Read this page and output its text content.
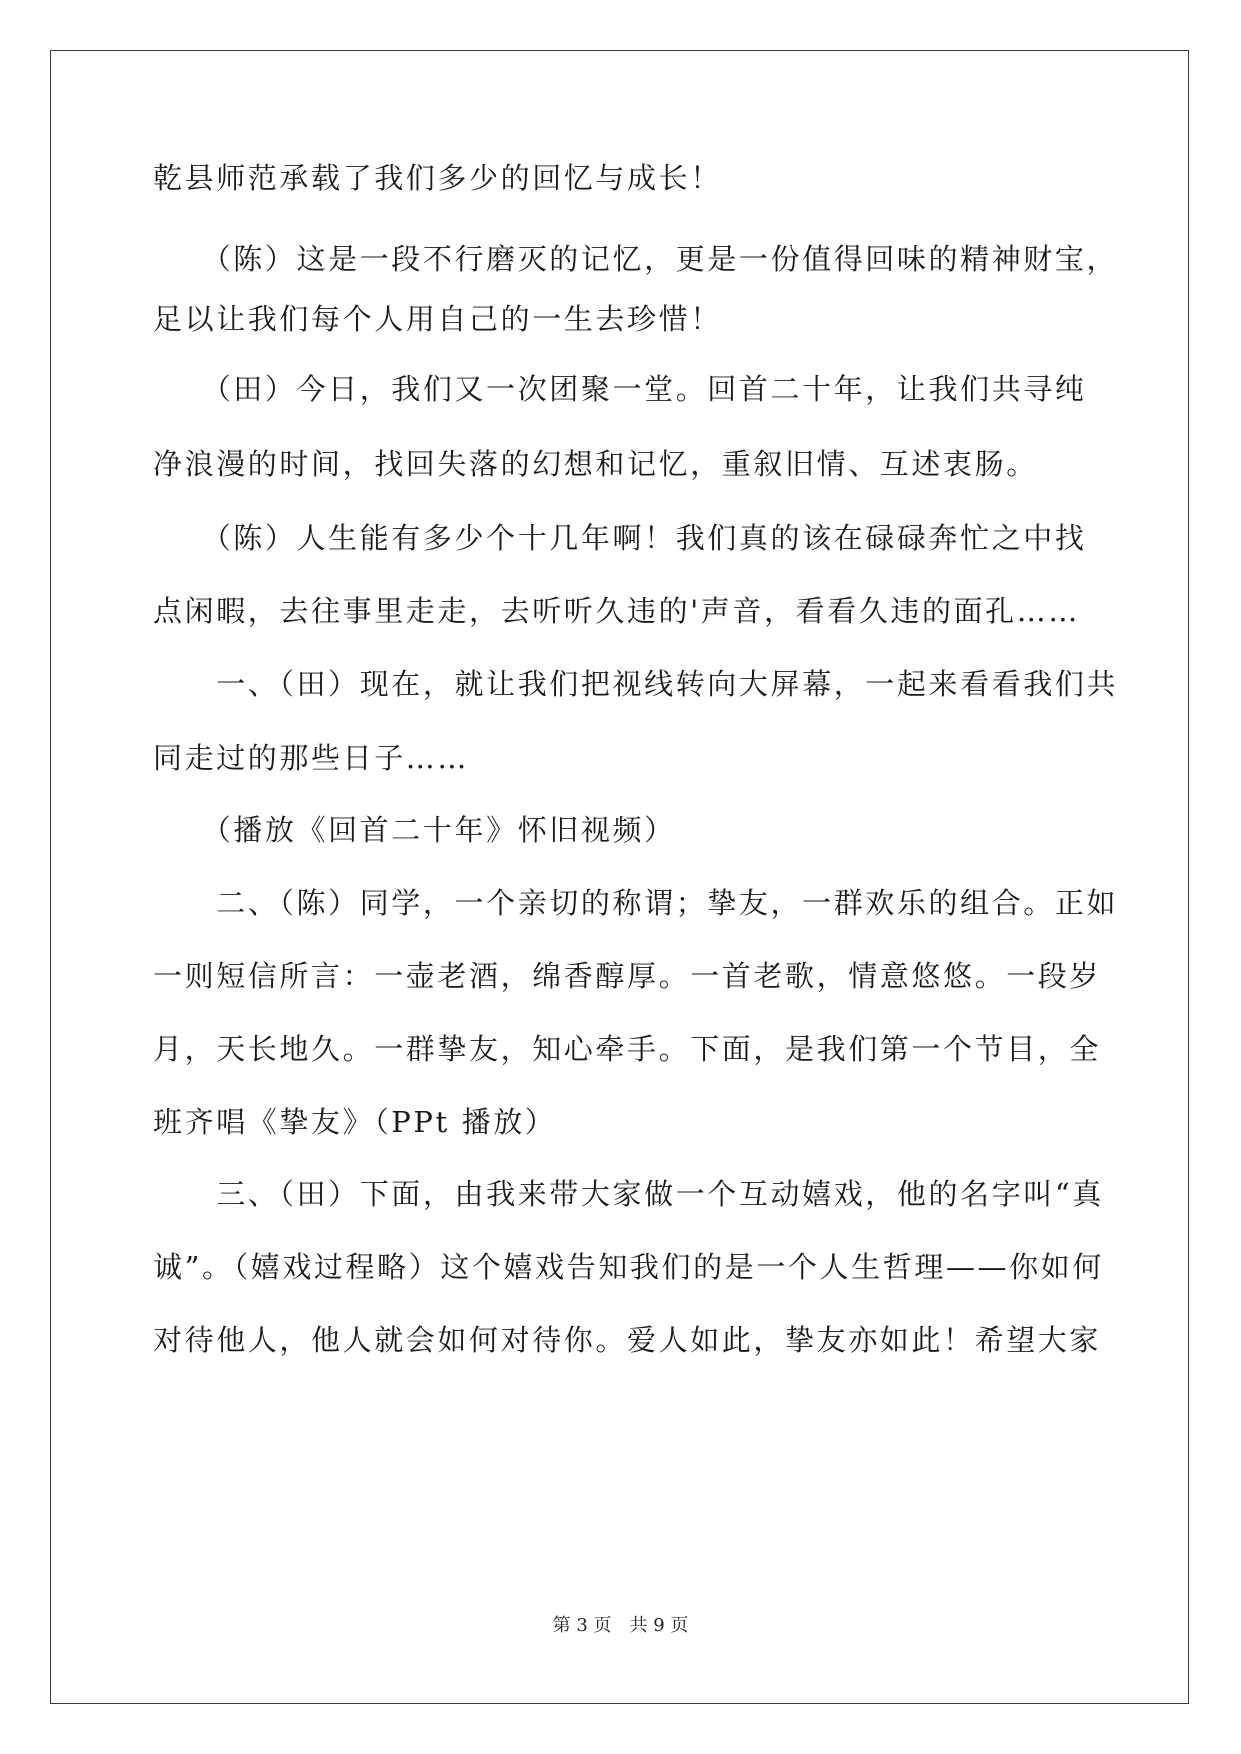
乾县师范承载了我们多少的回忆与成长！
　　（陈）这是一段不行磨灭的记忆，更是一份值得回味的精神财宝，
足以让我们每个人用自己的一生去珍惜！
　　（田）今日，我们又一次团聚一堂。回首二十年，让我们共寻纯
净浪漫的时间，找回失落的幻想和记忆，重叙旧情、互述衷肠。
　　（陈）人生能有多少个十几年啊！我们真的该在碌碌奔忙之中找
点闲暇，去往事里走走，去听听久违的'声音，看看久违的面孔……
　　一、（田）现在，就让我们把视线转向大屏幕，一起来看看我们共
同走过的那些日子……
　　（播放《回首二十年》怀旧视频）
　　二、（陈）同学，一个亲切的称谓；挚友，一群欢乐的组合。正如
一则短信所言：一壶老酒，绵香醇厚。一首老歌，情意悠悠。一段岁
月，天长地久。一群挚友，知心牵手。下面，是我们第一个节目，全
班齐唱《挚友》（PPt 播放）
　　三、（田）下面，由我来带大家做一个互动嬉戏，他的名字叫“真
诚”。（嬉戏过程略）这个嬉戏告知我们的是一个人生哲理——你如何
对待他人，他人就会如何对待你。爱人如此，挚友亦如此！希望大家
第 3 页　共 9 页
